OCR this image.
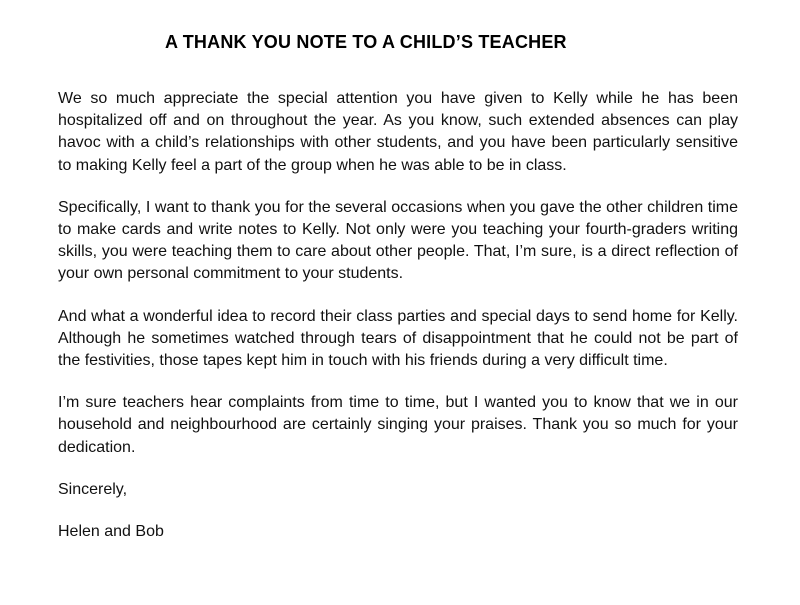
A THANK YOU NOTE TO A CHILD’S TEACHER

We so much appreciate the special attention you have given to Kelly while he has been hospitalized off and on throughout the year. As you know, such extended absences can play havoc with a child’s relationships with other students, and you have been particularly sensitive to making Kelly feel a part of the group when he was able to be in class.

Specifically, I want to thank you for the several occasions when you gave the other children time to make cards and write notes to Kelly. Not only were you teaching your fourth-graders writing skills, you were teaching them to care about other people. That, I’m sure, is a direct reflection of your own personal commitment to your students.

And what a wonderful idea to record their class parties and special days to send home for Kelly. Although he sometimes watched through tears of disappointment that he could not be part of the festivities, those tapes kept him in touch with his friends during a very difficult time.

I’m sure teachers hear complaints from time to time, but I wanted you to know that we in our household and neighbourhood are certainly singing your praises. Thank you so much for your dedication.

Sincerely,

Helen and Bob
